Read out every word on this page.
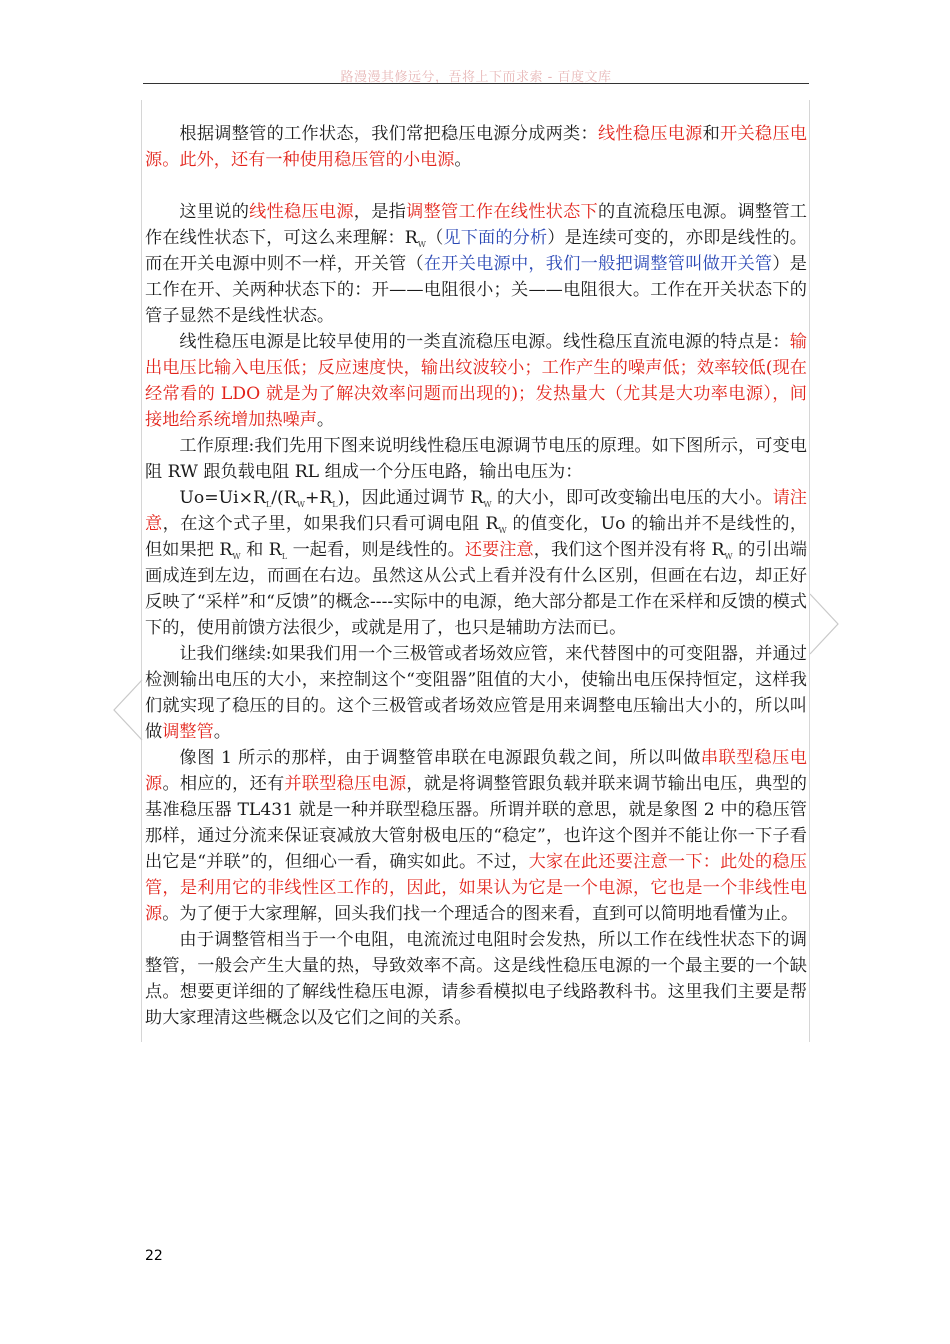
路漫漫其修远兮，吾将上下而求索 - 百度文库

根据调整管的工作状态，我们常把稳压电源分成两类：线性稳压电源和开关稳压电源。此外，还有一种使用稳压管的小电源。

这里说的线性稳压电源，是指调整管工作在线性状态下的直流稳压电源。调整管工作在线性状态下，可这么来理解：$R_W$（见下面的分析）是连续可变的，亦即是线性的。而在开关电源中则不一样，开关管（在开关电源中，我们一般把调整管叫做开关管）是工作在开、关两种状态下的：开——电阻很小；关——电阻很大。工作在开关状态下的管子显然不是线性状态。

线性稳压电源是比较早使用的一类直流稳压电源。线性稳压直流电源的特点是：输出电压比输入电压低；反应速度快，输出纹波较小；工作产生的噪声低；效率较低(现在经常看的 LDO 就是为了解决效率问题而出现的)；发热量大（尤其是大功率电源），间接地给系统增加热噪声。

工作原理:我们先用下图来说明线性稳压电源调节电压的原理。如下图所示，可变电阻 RW 跟负载电阻 RL 组成一个分压电路，输出电压为：

$Uo=Ui\times R_L/(R_W+R_L)$，因此通过调节 $R_W$ 的大小，即可改变输出电压的大小。请注意，在这个式子里，如果我们只看可调电阻 $R_W$ 的值变化，Uo 的输出并不是线性的，但如果把 $R_W$ 和 $R_L$ 一起看，则是线性的。还要注意，我们这个图并没有将 $R_W$ 的引出端画成连到左边，而画在右边。虽然这从公式上看并没有什么区别，但画在右边，却正好反映了“采样”和“反馈”的概念----实际中的电源，绝大部分都是工作在采样和反馈的模式下的，使用前馈方法很少，或就是用了，也只是辅助方法而已。

让我们继续:如果我们用一个三极管或者场效应管，来代替图中的可变阻器，并通过检测输出电压的大小，来控制这个“变阻器”阻值的大小，使输出电压保持恒定，这样我们就实现了稳压的目的。这个三极管或者场效应管是用来调整电压输出大小的，所以叫做调整管。

像图 1 所示的那样，由于调整管串联在电源跟负载之间，所以叫做串联型稳压电源。相应的，还有并联型稳压电源，就是将调整管跟负载并联来调节输出电压，典型的基准稳压器 TL431 就是一种并联型稳压器。所谓并联的意思，就是象图 2 中的稳压管那样，通过分流来保证衰减放大管射极电压的“稳定”，也许这个图并不能让你一下子看出它是“并联”的，但细心一看，确实如此。不过，大家在此还要注意一下：此处的稳压管，是利用它的非线性区工作的，因此，如果认为它是一个电源，它也是一个非线性电源。为了便于大家理解，回头我们找一个理适合的图来看，直到可以简明地看懂为止。

由于调整管相当于一个电阻，电流流过电阻时会发热，所以工作在线性状态下的调整管，一般会产生大量的热，导致效率不高。这是线性稳压电源的一个最主要的一个缺点。想要更详细的了解线性稳压电源，请参看模拟电子线路教科书。这里我们主要是帮助大家理清这些概念以及它们之间的关系。

22
